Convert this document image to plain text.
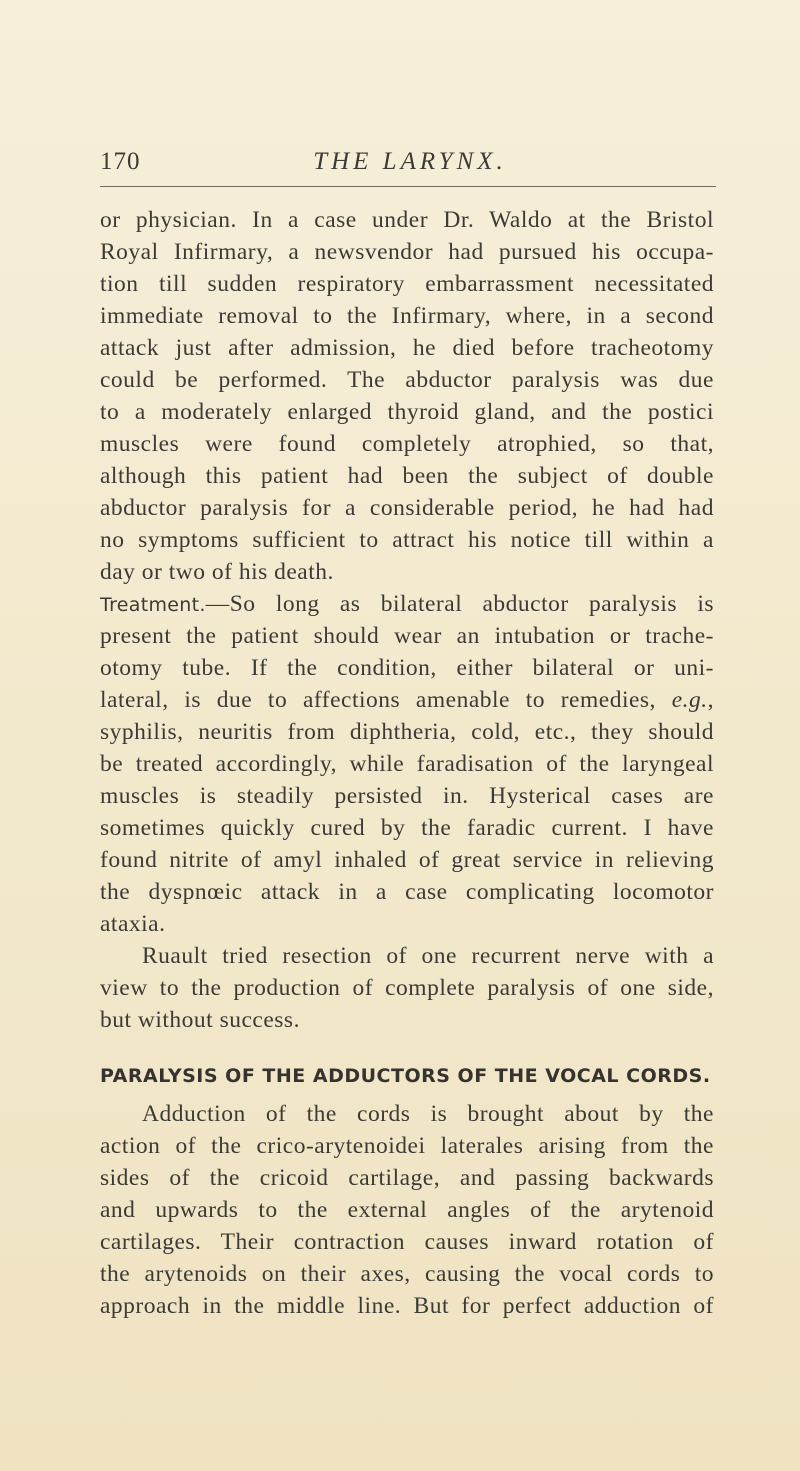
170	THE LARYNX.
or physician. In a case under Dr. Waldo at the Bristol
Royal Infirmary, a newsvendor had pursued his occupa-
tion till sudden respiratory embarrassment necessitated
immediate removal to the Infirmary, where, in a second
attack just after admission, he died before tracheotomy
could be performed. The abductor paralysis was due
to a moderately enlarged thyroid gland, and the postici
muscles were found completely atrophied, so that,
although this patient had been the subject of double
abductor paralysis for a considerable period, he had had
no symptoms sufficient to attract his notice till within a
day or two of his death.
Treatment.—So long as bilateral abductor paralysis is
present the patient should wear an intubation or trache-
otomy tube. If the condition, either bilateral or uni-
lateral, is due to affections amenable to remedies, e.g.,
syphilis, neuritis from diphtheria, cold, etc., they should
be treated accordingly, while faradisation of the laryngeal
muscles is steadily persisted in. Hysterical cases are
sometimes quickly cured by the faradic current. I have
found nitrite of amyl inhaled of great service in relieving
the dyspnœic attack in a case complicating locomotor
ataxia.
Ruault tried resection of one recurrent nerve with a
view to the production of complete paralysis of one side,
but without success.
PARALYSIS OF THE ADDUCTORS OF THE VOCAL CORDS.
Adduction of the cords is brought about by the
action of the crico-arytenoidei laterales arising from the
sides of the cricoid cartilage, and passing backwards
and upwards to the external angles of the arytenoid
cartilages. Their contraction causes inward rotation of
the arytenoids on their axes, causing the vocal cords to
approach in the middle line. But for perfect adduction of
